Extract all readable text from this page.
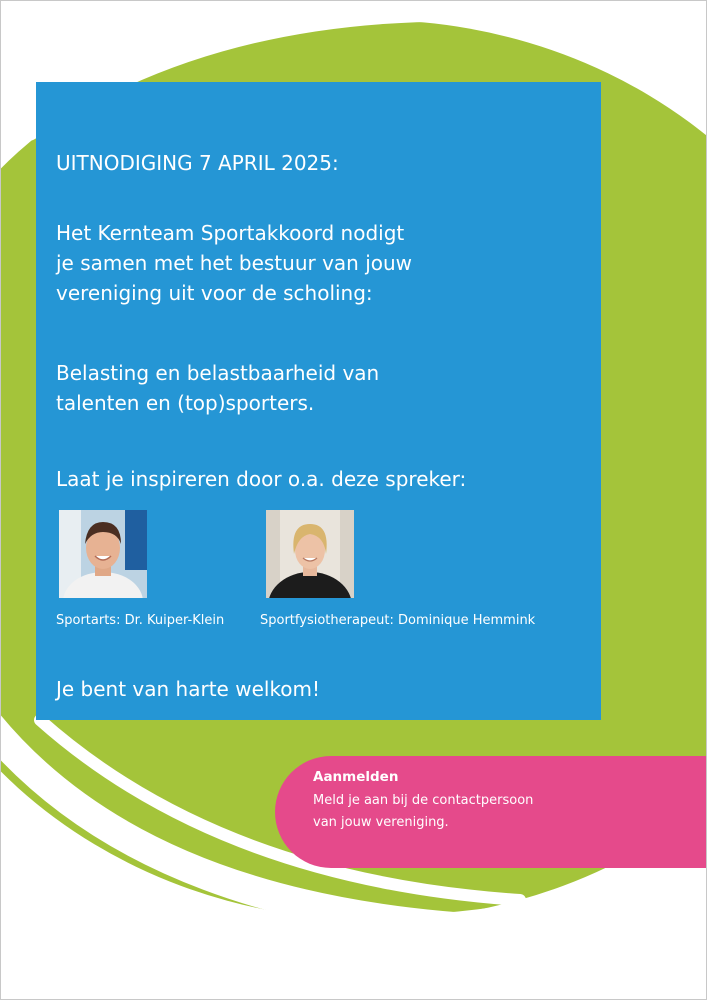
UITNODIGING 7 APRIL 2025:
Het Kernteam Sportakkoord nodigt
je samen met het bestuur van jouw
vereniging uit voor de scholing:
Belasting en belastbaarheid van
talenten en (top)sporters.
Laat je inspireren door o.a. deze spreker:
Sportarts: Dr. Kuiper-Klein	Sportfysiotherapeut: Dominique Hemmink
Je bent van harte welkom!
Aanmelden
Meld je aan bij de contactpersoon
van jouw vereniging.
